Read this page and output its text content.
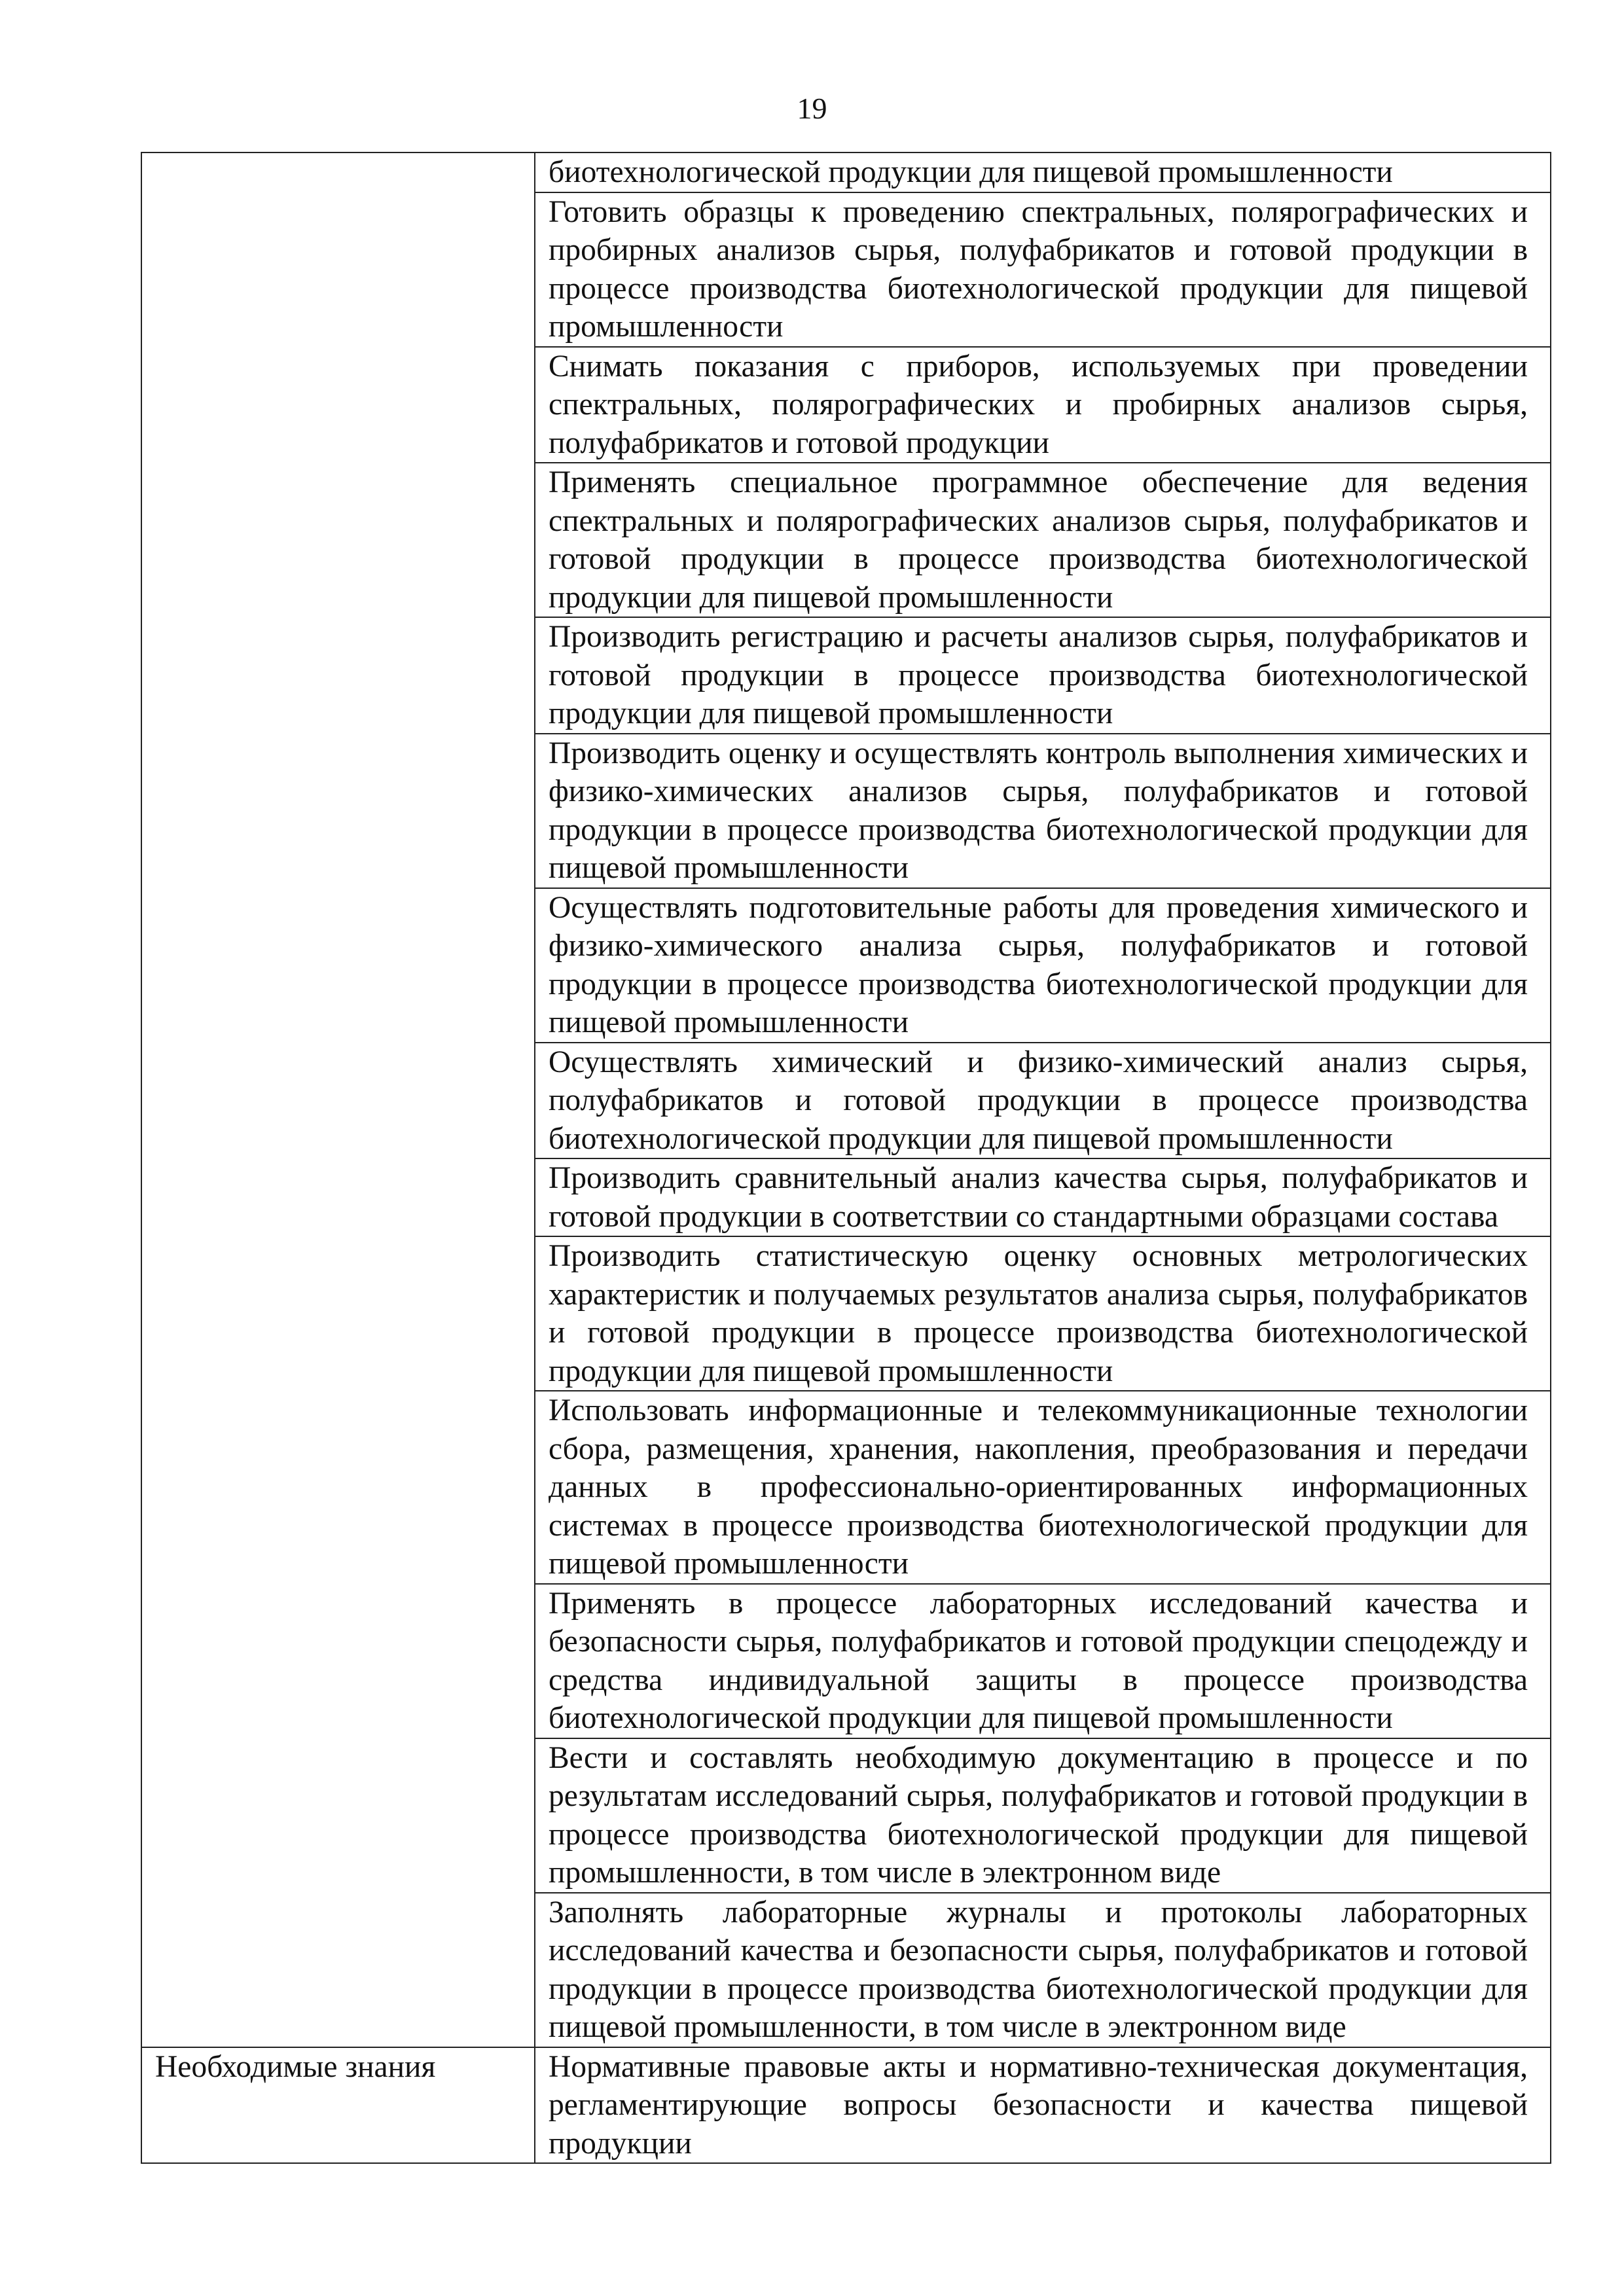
19
	биотехнологической продукции для пищевой промышленности
	Готовить образцы к проведению спектральных, полярографических и пробирных анализов сырья, полуфабрикатов и готовой продукции в процессе производства биотехнологической продукции для пищевой промышленности
	Снимать показания с приборов, используемых при проведении спектральных, полярографических и пробирных анализов сырья, полуфабрикатов и готовой продукции
	Применять специальное программное обеспечение для ведения спектральных и полярографических анализов сырья, полуфабрикатов и готовой продукции в процессе производства биотехнологической продукции для пищевой промышленности
	Производить регистрацию и расчеты анализов сырья, полуфабрикатов и готовой продукции в процессе производства биотехнологической продукции для пищевой промышленности
	Производить оценку и осуществлять контроль выполнения химических и физико-химических анализов сырья, полуфабрикатов и готовой продукции в процессе производства биотехнологической продукции для пищевой промышленности
	Осуществлять подготовительные работы для проведения химического и физико-химического анализа сырья, полуфабрикатов и готовой продукции в процессе производства биотехнологической продукции для пищевой промышленности
	Осуществлять химический и физико-химический анализ сырья, полуфабрикатов и готовой продукции в процессе производства биотехнологической продукции для пищевой промышленности
	Производить сравнительный анализ качества сырья, полуфабрикатов и готовой продукции в соответствии со стандартными образцами состава
	Производить статистическую оценку основных метрологических характеристик и получаемых результатов анализа сырья, полуфабрикатов и готовой продукции в процессе производства биотехнологической продукции для пищевой промышленности
	Использовать информационные и телекоммуникационные технологии сбора, размещения, хранения, накопления, преобразования и передачи данных в профессионально-ориентированных информационных системах в процессе производства биотехнологической продукции для пищевой промышленности
	Применять в процессе лабораторных исследований качества и безопасности сырья, полуфабрикатов и готовой продукции спецодежду и средства индивидуальной защиты в процессе производства биотехнологической продукции для пищевой промышленности
	Вести и составлять необходимую документацию в процессе и по результатам исследований сырья, полуфабрикатов и готовой продукции в процессе производства биотехнологической продукции для пищевой промышленности, в том числе в электронном виде
	Заполнять лабораторные журналы и протоколы лабораторных исследований качества и безопасности сырья, полуфабрикатов и готовой продукции в процессе производства биотехнологической продукции для пищевой промышленности, в том числе в электронном виде
Необходимые знания	Нормативные правовые акты и нормативно-техническая документация, регламентирующие вопросы безопасности и качества пищевой продукции
